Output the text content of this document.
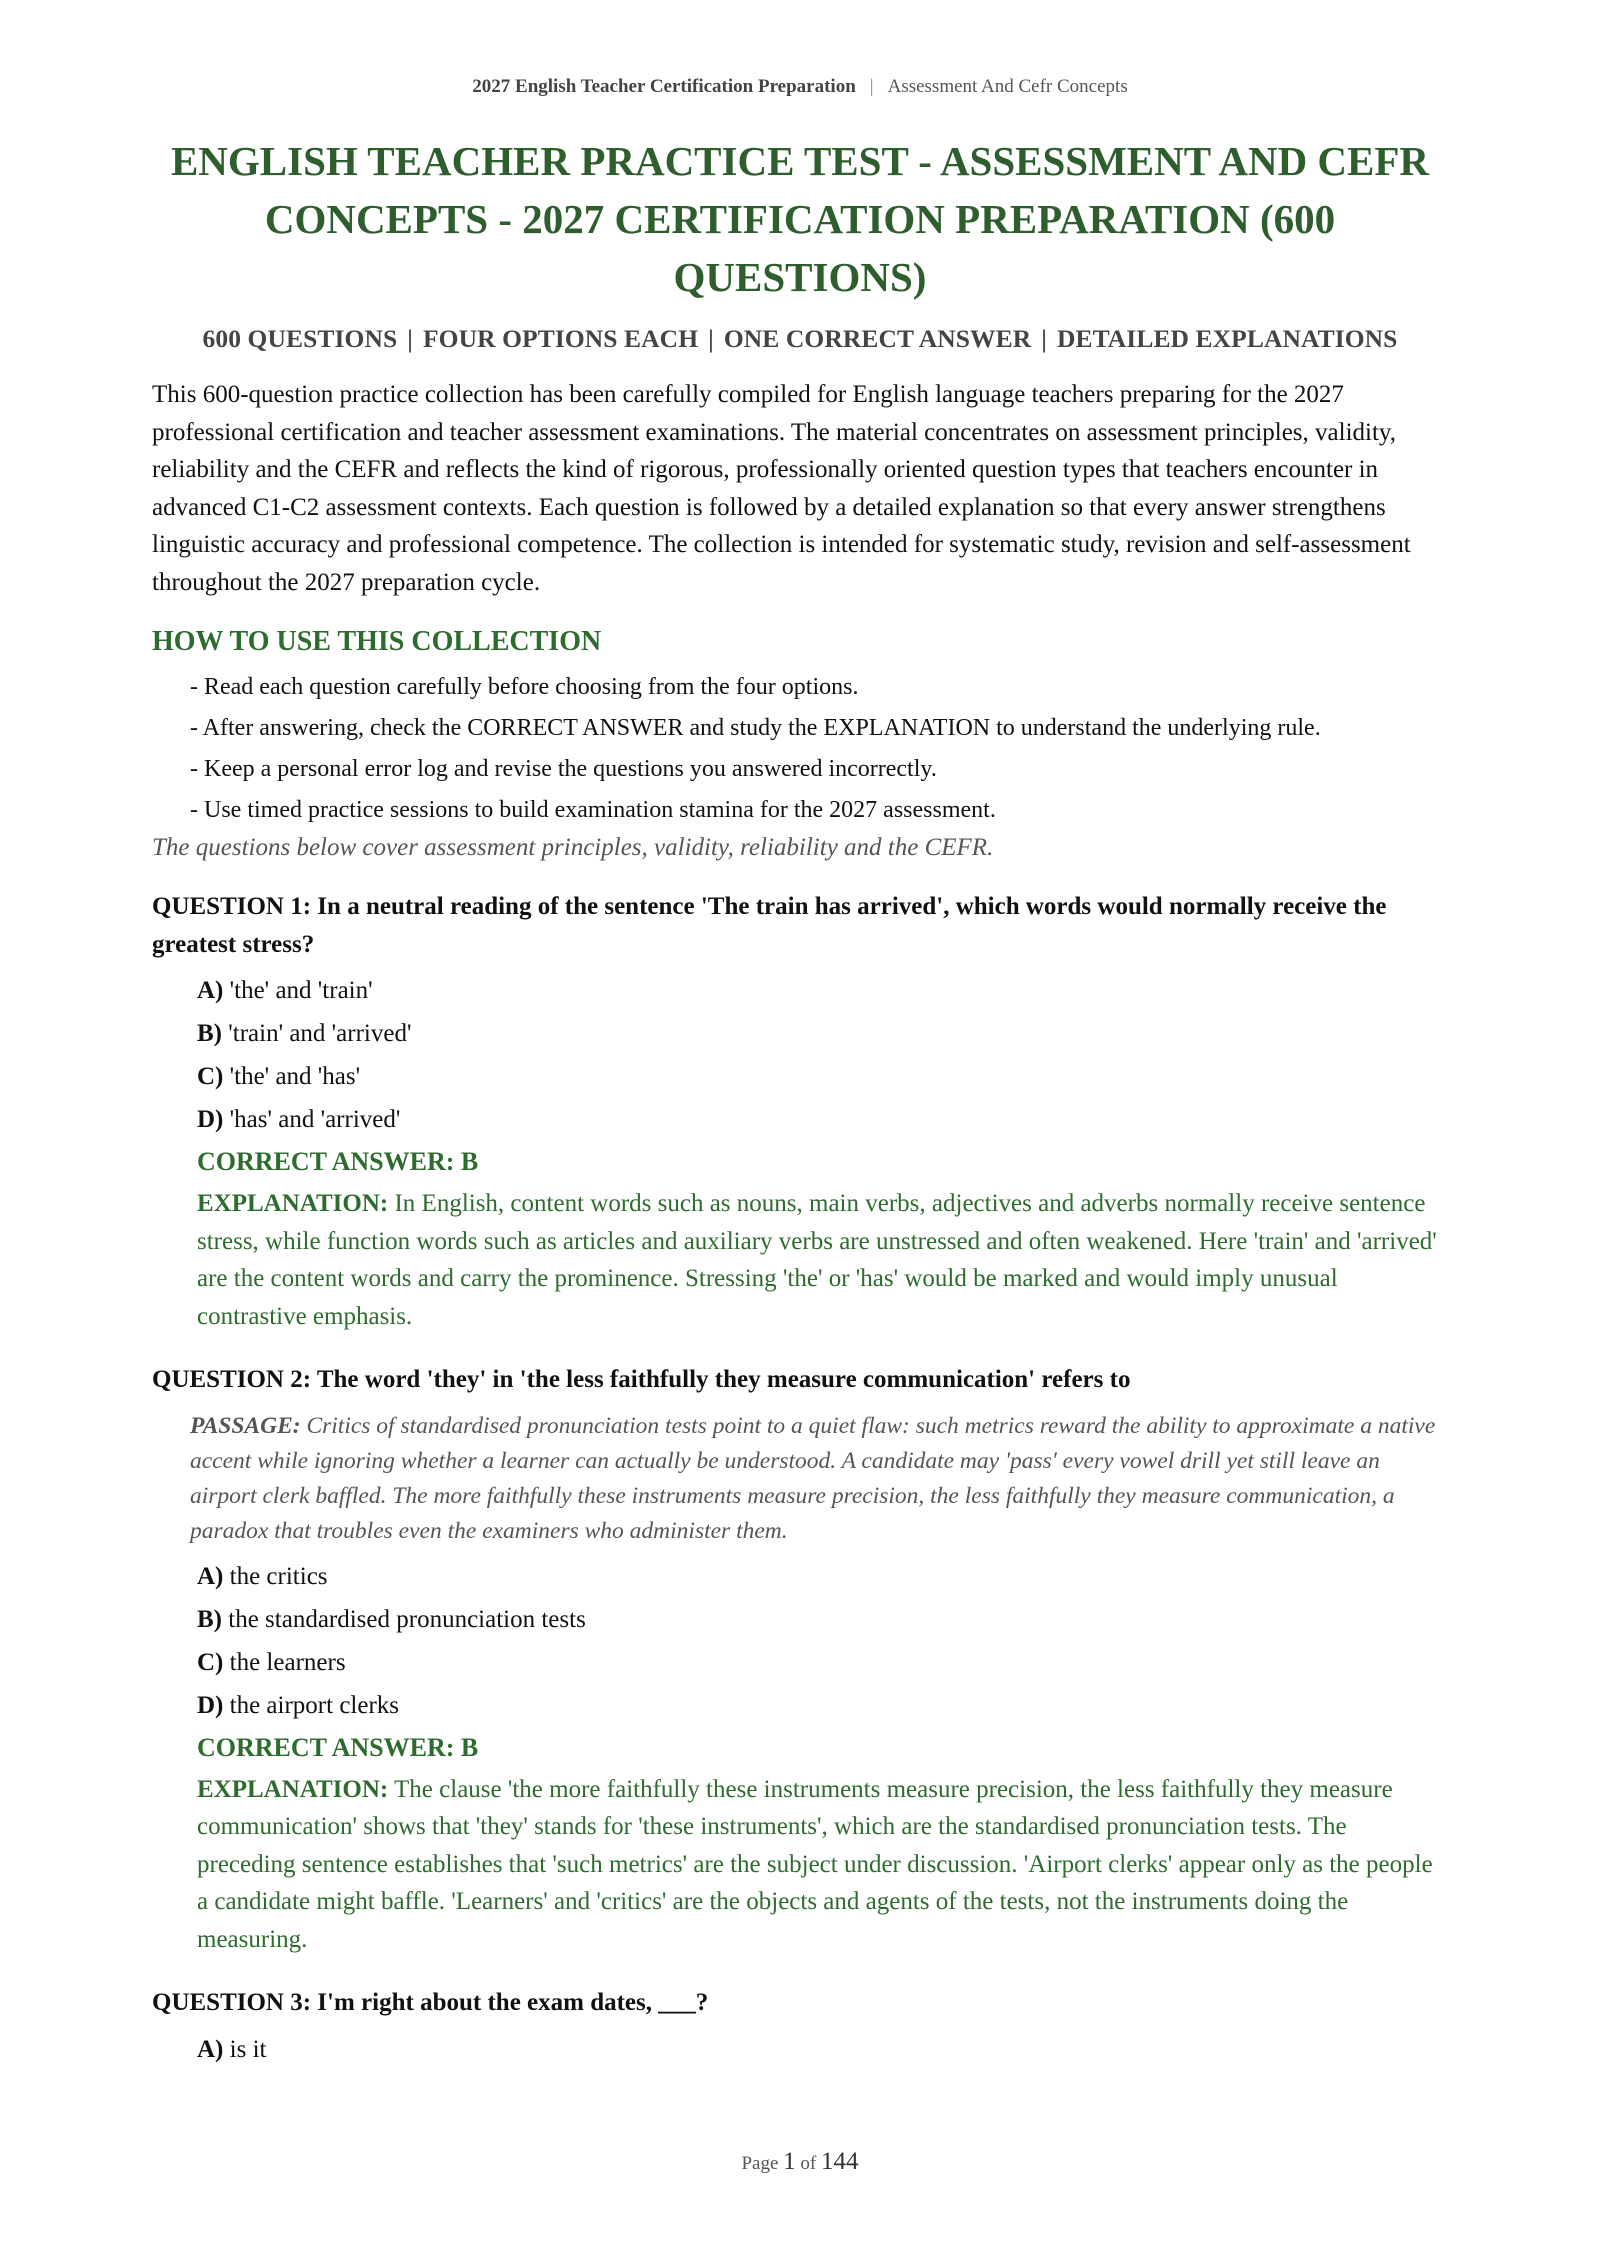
2027 English Teacher Certification Preparation | Assessment And Cefr Concepts
ENGLISH TEACHER PRACTICE TEST - ASSESSMENT AND CEFR CONCEPTS - 2027 CERTIFICATION PREPARATION (600 QUESTIONS)
600 QUESTIONS | FOUR OPTIONS EACH | ONE CORRECT ANSWER | DETAILED EXPLANATIONS

This 600-question practice collection has been carefully compiled for English language teachers preparing for the 2027 professional certification and teacher assessment examinations. The material concentrates on assessment principles, validity, reliability and the CEFR and reflects the kind of rigorous, professionally oriented question types that teachers encounter in advanced C1-C2 assessment contexts. Each question is followed by a detailed explanation so that every answer strengthens linguistic accuracy and professional competence. The collection is intended for systematic study, revision and self-assessment throughout the 2027 preparation cycle.

HOW TO USE THIS COLLECTION
- Read each question carefully before choosing from the four options.
- After answering, check the CORRECT ANSWER and study the EXPLANATION to understand the underlying rule.
- Keep a personal error log and revise the questions you answered incorrectly.
- Use timed practice sessions to build examination stamina for the 2027 assessment.
The questions below cover assessment principles, validity, reliability and the CEFR.
QUESTION 1: In a neutral reading of the sentence 'The train has arrived', which words would normally receive the greatest stress?
A) 'the' and 'train'
B) 'train' and 'arrived'
C) 'the' and 'has'
D) 'has' and 'arrived'
CORRECT ANSWER: B
EXPLANATION: In English, content words such as nouns, main verbs, adjectives and adverbs normally receive sentence stress, while function words such as articles and auxiliary verbs are unstressed and often weakened. Here 'train' and 'arrived' are the content words and carry the prominence. Stressing 'the' or 'has' would be marked and would imply unusual contrastive emphasis.
QUESTION 2: The word 'they' in 'the less faithfully they measure communication' refers to
PASSAGE: Critics of standardised pronunciation tests point to a quiet flaw: such metrics reward the ability to approximate a native accent while ignoring whether a learner can actually be understood. A candidate may 'pass' every vowel drill yet still leave an airport clerk baffled. The more faithfully these instruments measure precision, the less faithfully they measure communication, a paradox that troubles even the examiners who administer them.
A) the critics
B) the standardised pronunciation tests
C) the learners
D) the airport clerks
CORRECT ANSWER: B
EXPLANATION: The clause 'the more faithfully these instruments measure precision, the less faithfully they measure communication' shows that 'they' stands for 'these instruments', which are the standardised pronunciation tests. The preceding sentence establishes that 'such metrics' are the subject under discussion. 'Airport clerks' appear only as the people a candidate might baffle. 'Learners' and 'critics' are the objects and agents of the tests, not the instruments doing the measuring.
QUESTION 3: I'm right about the exam dates, ___?
A) is it
Page 1 of 144
